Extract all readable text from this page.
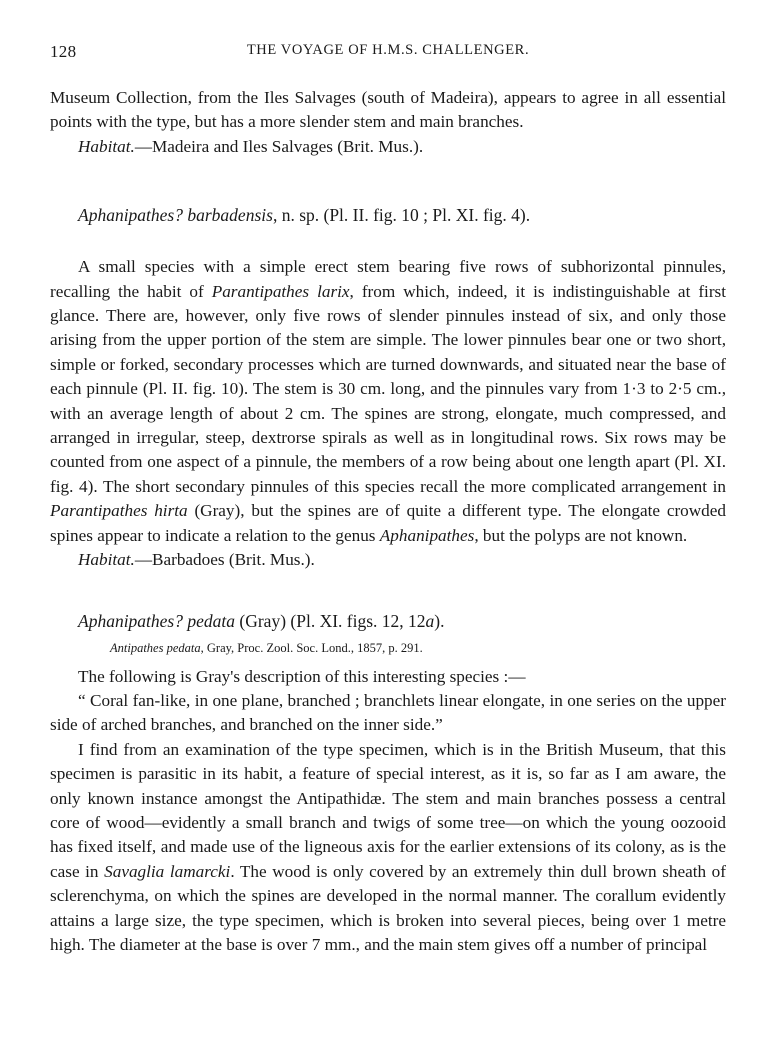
128	THE VOYAGE OF H.M.S. CHALLENGER.

Museum Collection, from the Iles Salvages (south of Madeira), appears to agree in all essential points with the type, but has a more slender stem and main branches.

Habitat.—Madeira and Iles Salvages (Brit. Mus.).

Aphanipathes? barbadensis, n. sp. (Pl. II. fig. 10 ; Pl. XI. fig. 4).

A small species with a simple erect stem bearing five rows of subhorizontal pinnules, recalling the habit of Parantipathes larix, from which, indeed, it is indistinguishable at first glance. There are, however, only five rows of slender pinnules instead of six, and only those arising from the upper portion of the stem are simple. The lower pinnules bear one or two short, simple or forked, secondary processes which are turned downwards, and situated near the base of each pinnule (Pl. II. fig. 10). The stem is 30 cm. long, and the pinnules vary from 1·3 to 2·5 cm., with an average length of about 2 cm. The spines are strong, elongate, much compressed, and arranged in irregular, steep, dextrorse spirals as well as in longitudinal rows. Six rows may be counted from one aspect of a pinnule, the members of a row being about one length apart (Pl. XI. fig. 4). The short secondary pinnules of this species recall the more complicated arrangement in Parantipathes hirta (Gray), but the spines are of quite a different type. The elongate crowded spines appear to indicate a relation to the genus Aphanipathes, but the polyps are not known.

Habitat.—Barbadoes (Brit. Mus.).

Aphanipathes? pedata (Gray) (Pl. XI. figs. 12, 12a).

Antipathes pedata, Gray, Proc. Zool. Soc. Lond., 1857, p. 291.

The following is Gray's description of this interesting species :—

“ Coral fan-like, in one plane, branched ; branchlets linear elongate, in one series on the upper side of arched branches, and branched on the inner side.”

I find from an examination of the type specimen, which is in the British Museum, that this specimen is parasitic in its habit, a feature of special interest, as it is, so far as I am aware, the only known instance amongst the Antipathidæ. The stem and main branches possess a central core of wood—evidently a small branch and twigs of some tree—on which the young oozooid has fixed itself, and made use of the ligneous axis for the earlier extensions of its colony, as is the case in Savaglia lamarcki. The wood is only covered by an extremely thin dull brown sheath of sclerenchyma, on which the spines are developed in the normal manner. The corallum evidently attains a large size, the type specimen, which is broken into several pieces, being over 1 metre high. The diameter at the base is over 7 mm., and the main stem gives off a number of principal
